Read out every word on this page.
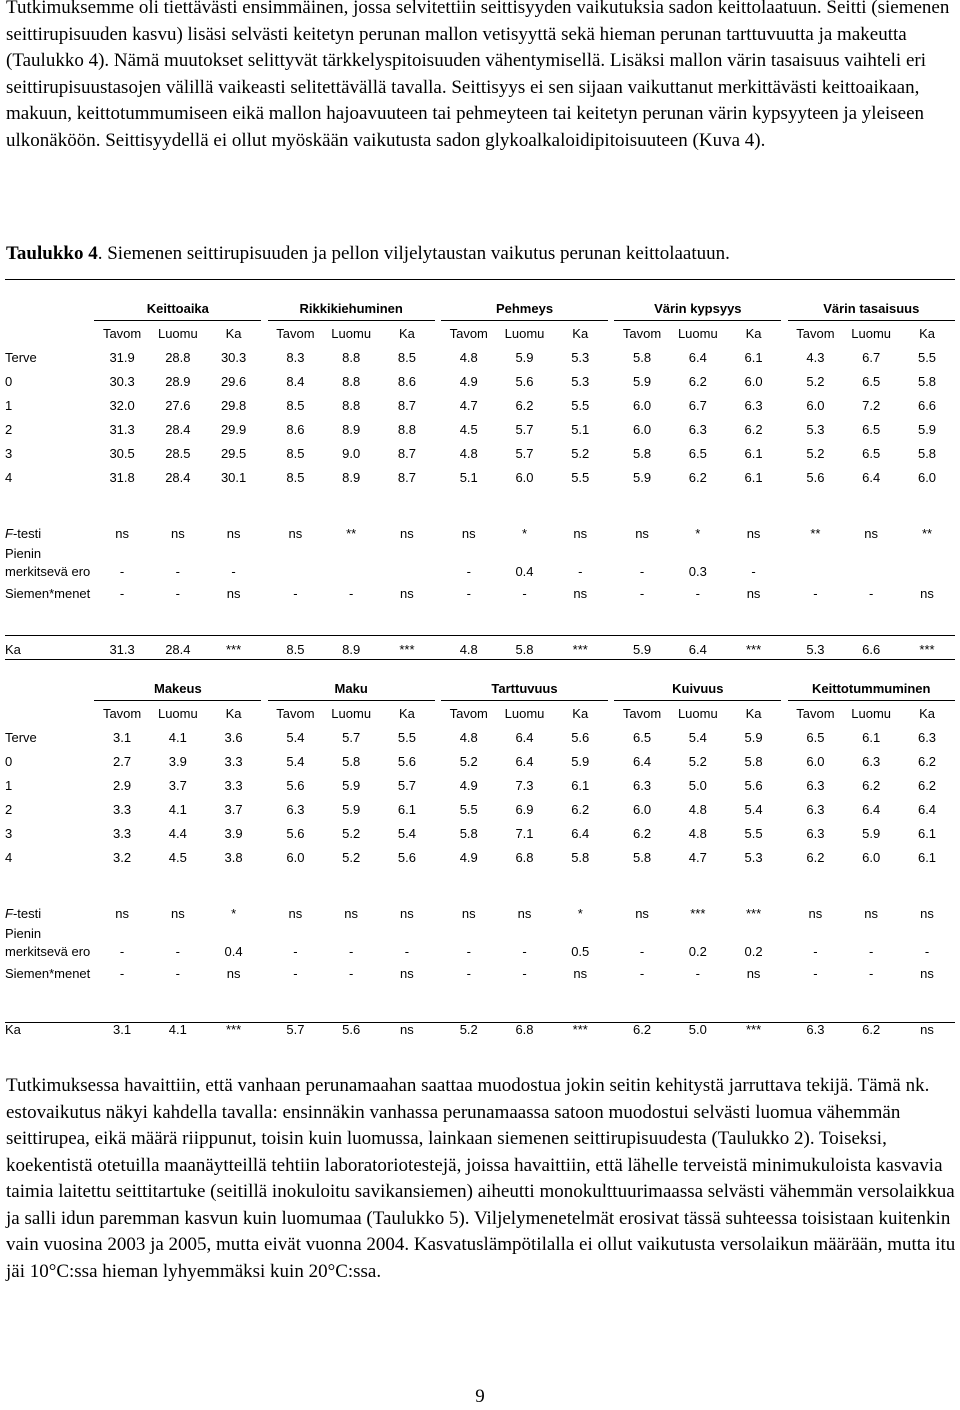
Tutkimuksemme oli tiettävästi ensimmäinen, jossa selvitettiin seittisyyden vaikutuksia sadon keittolaatuun. Seitti (siemenen seittirupisuuden kasvu) lisäsi selvästi keitetyn perunan mallon vetisyyttä sekä hieman perunan tarttuvuutta ja makeutta (Taulukko 4). Nämä muutokset selittyvät tärkkelyspitoisuuden vähentymisellä. Lisäksi mallon värin tasaisuus vaihteli eri seittirupisuustasojen välillä vaikeasti selitettävällä tavalla. Seittisyys ei sen sijaan vaikuttanut merkittävästi keittoaikaan, makuun, keittotummumiseen eikä mallon hajoavuuteen tai pehmeyteen tai keitetyn perunan värin kypsyyteen ja yleiseen ulkonäköön. Seittisyydellä ei ollut myöskään vaikutusta sadon glykoalkaloidipitoisuuteen (Kuva 4).

Taulukko 4. Siemenen seittirupisuuden ja pellon viljelytaustan vaikutus perunan keittolaatuun.

	Keittoaika				Rikkikiehuminen				Pehmeys				Värin kypsyys				Värin tasaisuus		
	Tavom	Luomu	Ka		Tavom	Luomu	Ka		Tavom	Luomu	Ka		Tavom	Luomu	Ka		Tavom	Luomu	Ka
Terve	31.9	28.8	30.3		8.3	8.8	8.5		4.8	5.9	5.3		5.8	6.4	6.1		4.3	6.7	5.5
0	30.3	28.9	29.6		8.4	8.8	8.6		4.9	5.6	5.3		5.9	6.2	6.0		5.2	6.5	5.8
1	32.0	27.6	29.8		8.5	8.8	8.7		4.7	6.2	5.5		6.0	6.7	6.3		6.0	7.2	6.6
2	31.3	28.4	29.9		8.6	8.9	8.8		4.5	5.7	5.1		6.0	6.3	6.2		5.3	6.5	5.9
3	30.5	28.5	29.5		8.5	9.0	8.7		4.8	5.7	5.2		5.8	6.5	6.1		5.2	6.5	5.8
4	31.8	28.4	30.1		8.5	8.9	8.7		5.1	6.0	5.5		5.9	6.2	6.1		5.6	6.4	6.0

F-testi	ns	ns	ns		ns	**	ns		ns	*	ns		ns	*	ns		**	ns	**
Pienin																			
merkitsevä ero	-	-	-						-	0.4	-		-	0.3	-				
Siemen*menet	-	-	ns		-	-	ns		-	-	ns		-	-	ns		-	-	ns

Ka	31.3	28.4	***		8.5	8.9	***		4.8	5.8	***		5.9	6.4	***		5.3	6.6	***

	Makeus				Maku				Tarttuvuus				Kuivuus				Keittotummuminen		
	Tavom	Luomu	Ka		Tavom	Luomu	Ka		Tavom	Luomu	Ka		Tavom	Luomu	Ka		Tavom	Luomu	Ka
Terve	3.1	4.1	3.6		5.4	5.7	5.5		4.8	6.4	5.6		6.5	5.4	5.9		6.5	6.1	6.3
0	2.7	3.9	3.3		5.4	5.8	5.6		5.2	6.4	5.9		6.4	5.2	5.8		6.0	6.3	6.2
1	2.9	3.7	3.3		5.6	5.9	5.7		4.9	7.3	6.1		6.3	5.0	5.6		6.3	6.2	6.2
2	3.3	4.1	3.7		6.3	5.9	6.1		5.5	6.9	6.2		6.0	4.8	5.4		6.3	6.4	6.4
3	3.3	4.4	3.9		5.6	5.2	5.4		5.8	7.1	6.4		6.2	4.8	5.5		6.3	5.9	6.1
4	3.2	4.5	3.8		6.0	5.2	5.6		4.9	6.8	5.8		5.8	4.7	5.3		6.2	6.0	6.1

F-testi	ns	ns	*		ns	ns	ns		ns	ns	*		ns	***	***		ns	ns	ns
Pienin																			
merkitsevä ero	-	-	0.4		-	-	-		-	-	0.5		-	0.2	0.2		-	-	-
Siemen*menet	-	-	ns		-	-	ns		-	-	ns		-	-	ns		-	-	ns

Ka	3.1	4.1	***		5.7	5.6	ns		5.2	6.8	***		6.2	5.0	***		6.3	6.2	ns

Tutkimuksessa havaittiin, että vanhaan perunamaahan saattaa muodostua jokin seitin kehitystä jarruttava tekijä. Tämä nk. estovaikutus näkyi kahdella tavalla: ensinnäkin vanhassa perunamaassa satoon muodostui selvästi luomua vähemmän seittirupea, eikä määrä riippunut, toisin kuin luomussa, lainkaan siemenen seittirupisuudesta (Taulukko 2). Toiseksi, koekentistä otetuilla maanäytteillä tehtiin laboratoriotestejä, joissa havaittiin, että lähelle terveistä minimukuloista kasvavia taimia laitettu seittitartuke (seitillä inokuloitu savikansiemen) aiheutti monokulttuurimaassa selvästi vähemmän versolaikkua ja salli idun paremman kasvun kuin luomumaa (Taulukko 5). Viljelymenetelmät erosivat tässä suhteessa toisistaan kuitenkin vain vuosina 2003 ja 2005, mutta eivät vuonna 2004. Kasvatuslämpötilalla ei ollut vaikutusta versolaikun määrään, mutta itu jäi 10°C:ssa hieman lyhyemmäksi kuin 20°C:ssa.

9
